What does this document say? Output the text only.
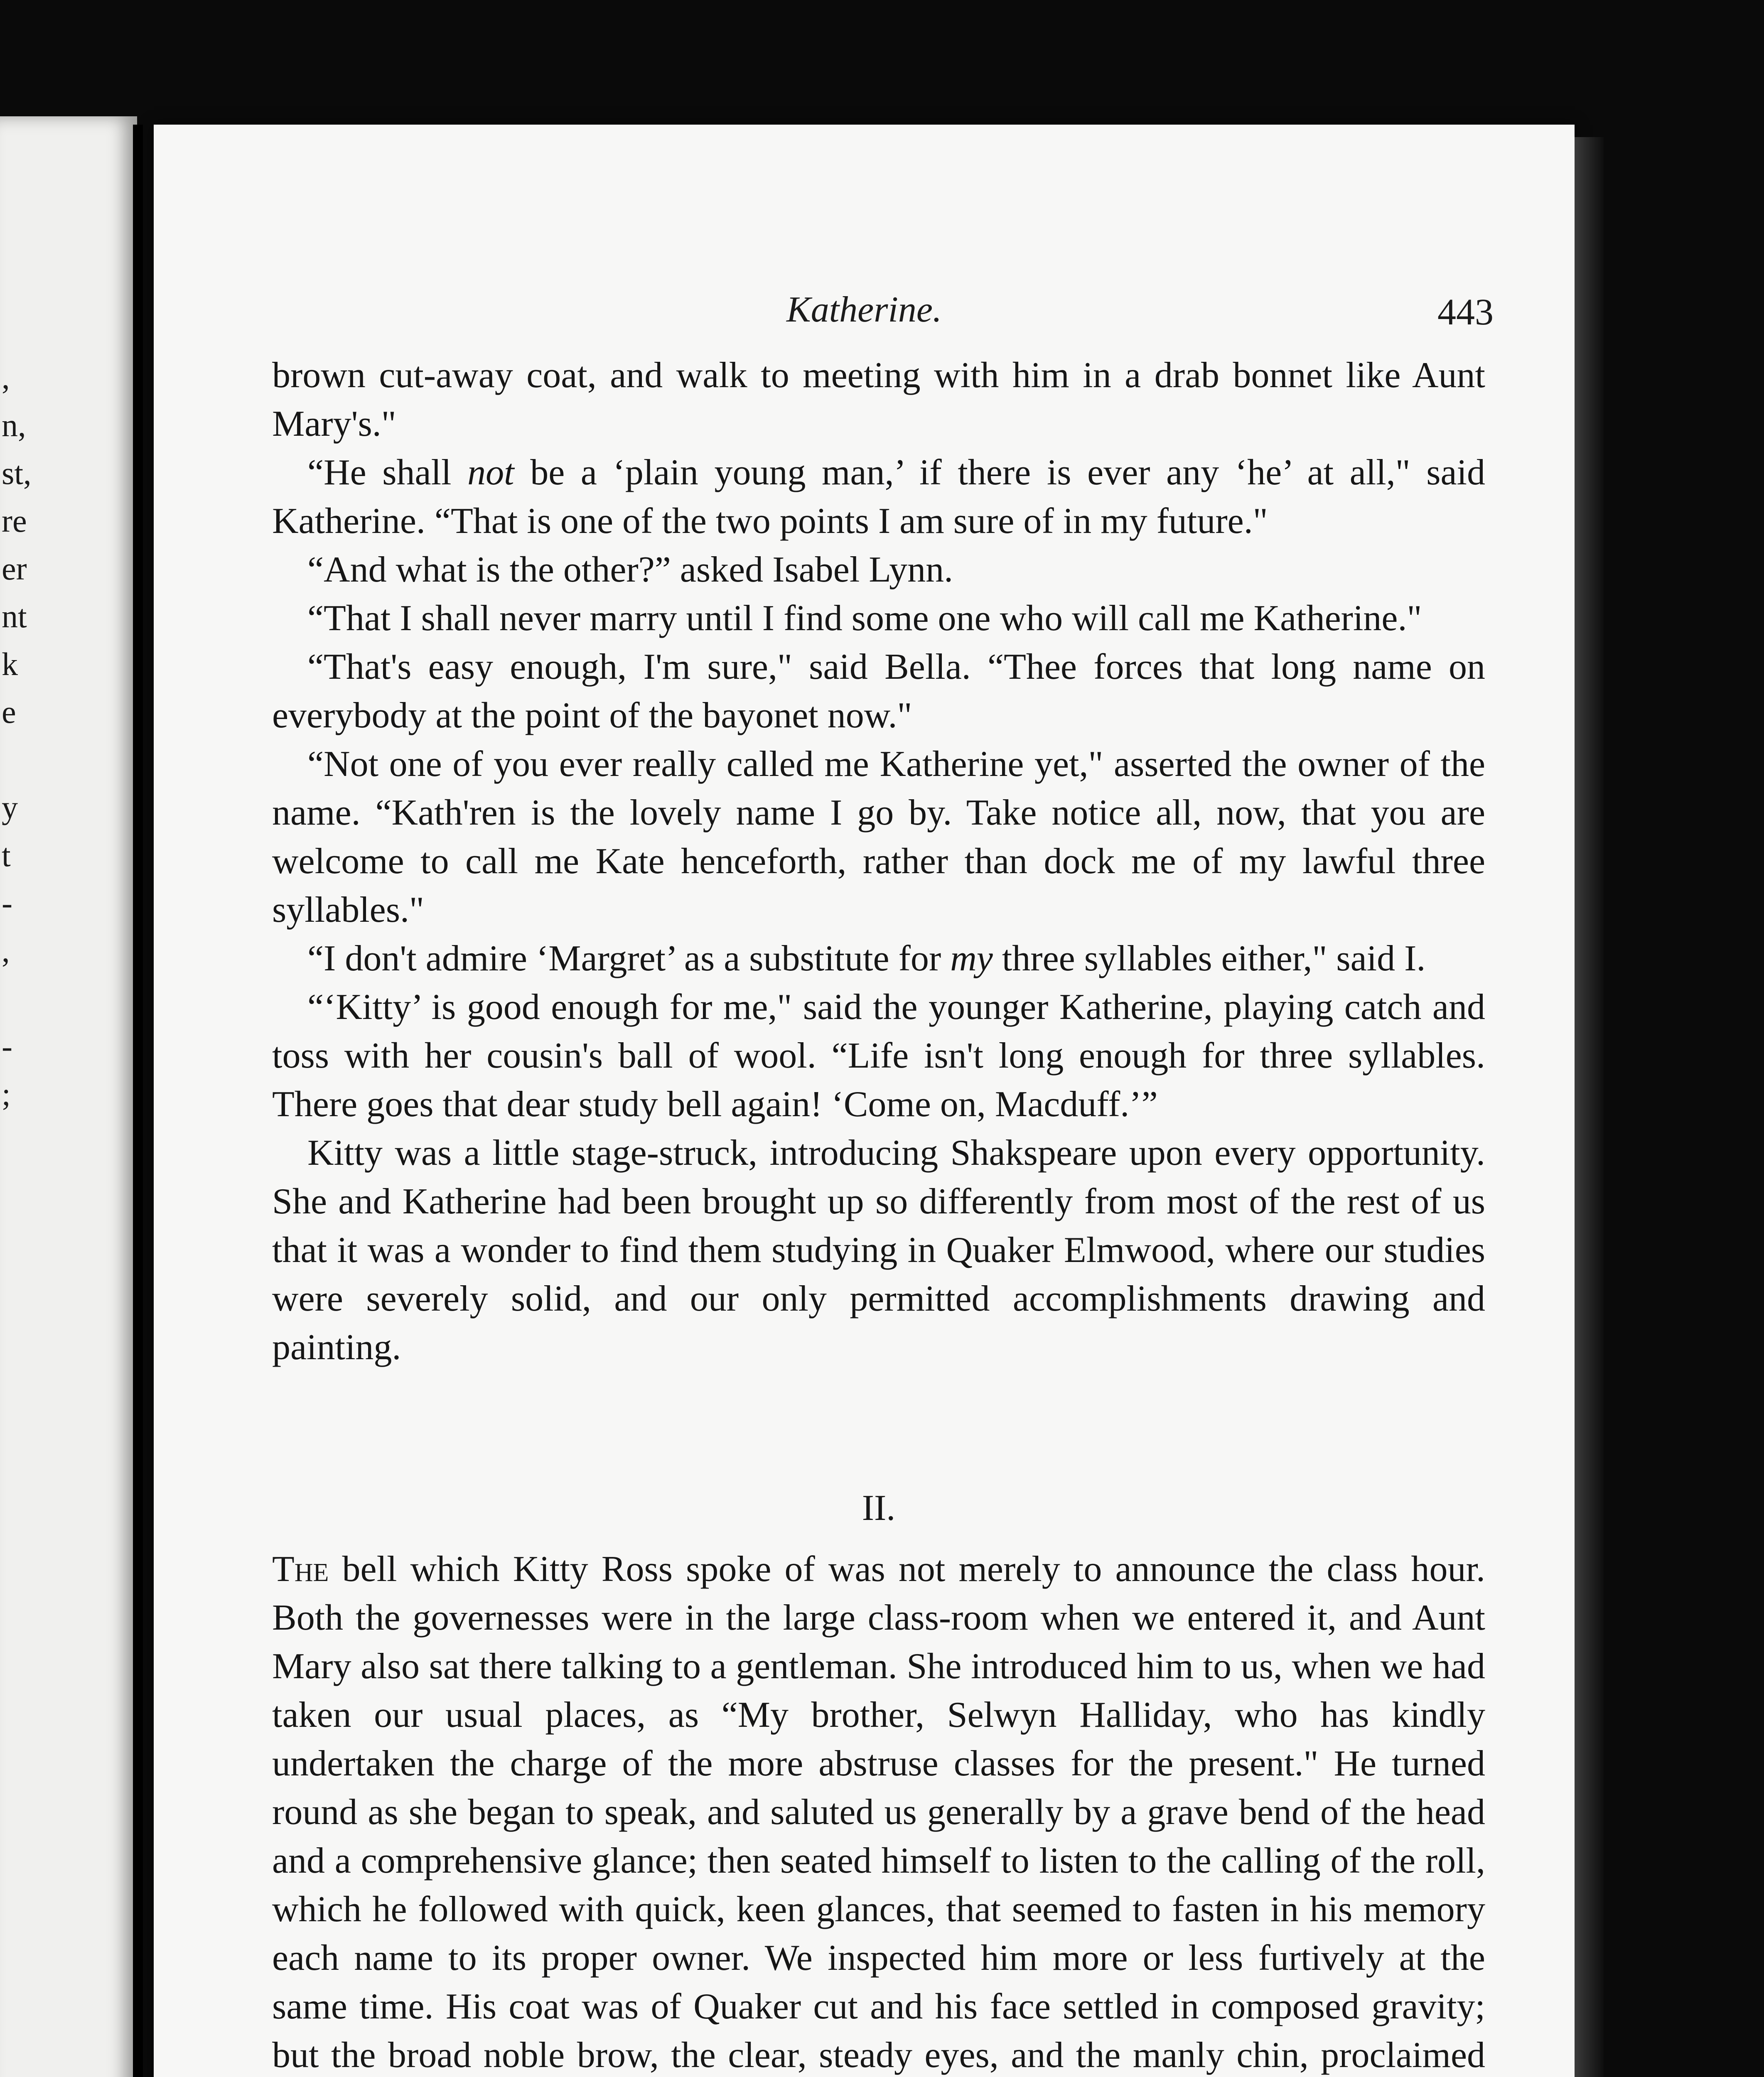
,
n,
st,
re
er
nt
k
e
y
t
-
,
-
;
Katherine.	443

brown cut-away coat, and walk to meeting with him in a drab bonnet like Aunt Mary's."

“He shall not be a ‘plain young man,’ if there is ever any ‘he’ at all," said Katherine. “That is one of the two points I am sure of in my future."

“And what is the other?” asked Isabel Lynn.

“That I shall never marry until I find some one who will call me Katherine."

“That's easy enough, I'm sure," said Bella. “Thee forces that long name on everybody at the point of the bayonet now."

“Not one of you ever really called me Katherine yet," asserted the owner of the name. “Kath'ren is the lovely name I go by. Take notice all, now, that you are welcome to call me Kate henceforth, rather than dock me of my lawful three syllables."

“I don't admire ‘Margret’ as a substitute for my three syllables either," said I.

“‘Kitty’ is good enough for me," said the younger Katherine, playing catch and toss with her cousin's ball of wool. “Life isn't long enough for three syllables. There goes that dear study bell again! ‘Come on, Macduff.’”

Kitty was a little stage-struck, introducing Shakspeare upon every opportunity. She and Katherine had been brought up so differently from most of the rest of us that it was a wonder to find them studying in Quaker Elmwood, where our studies were severely solid, and our only permitted accomplishments drawing and painting.

II.

The bell which Kitty Ross spoke of was not merely to announce the class hour. Both the governesses were in the large class-room when we entered it, and Aunt Mary also sat there talking to a gentleman. She introduced him to us, when we had taken our usual places, as “My brother, Selwyn Halliday, who has kindly undertaken the charge of the more abstruse classes for the present." He turned round as she began to speak, and saluted us generally by a grave bend of the head and a comprehensive glance; then seated himself to listen to the calling of the roll, which he followed with quick, keen glances, that seemed to fasten in his memory each name to its proper owner. We inspected him more or less furtively at the same time. His coat was of Quaker cut and his face settled in composed gravity; but the broad noble brow, the clear, steady eyes, and the manly chin, proclaimed
